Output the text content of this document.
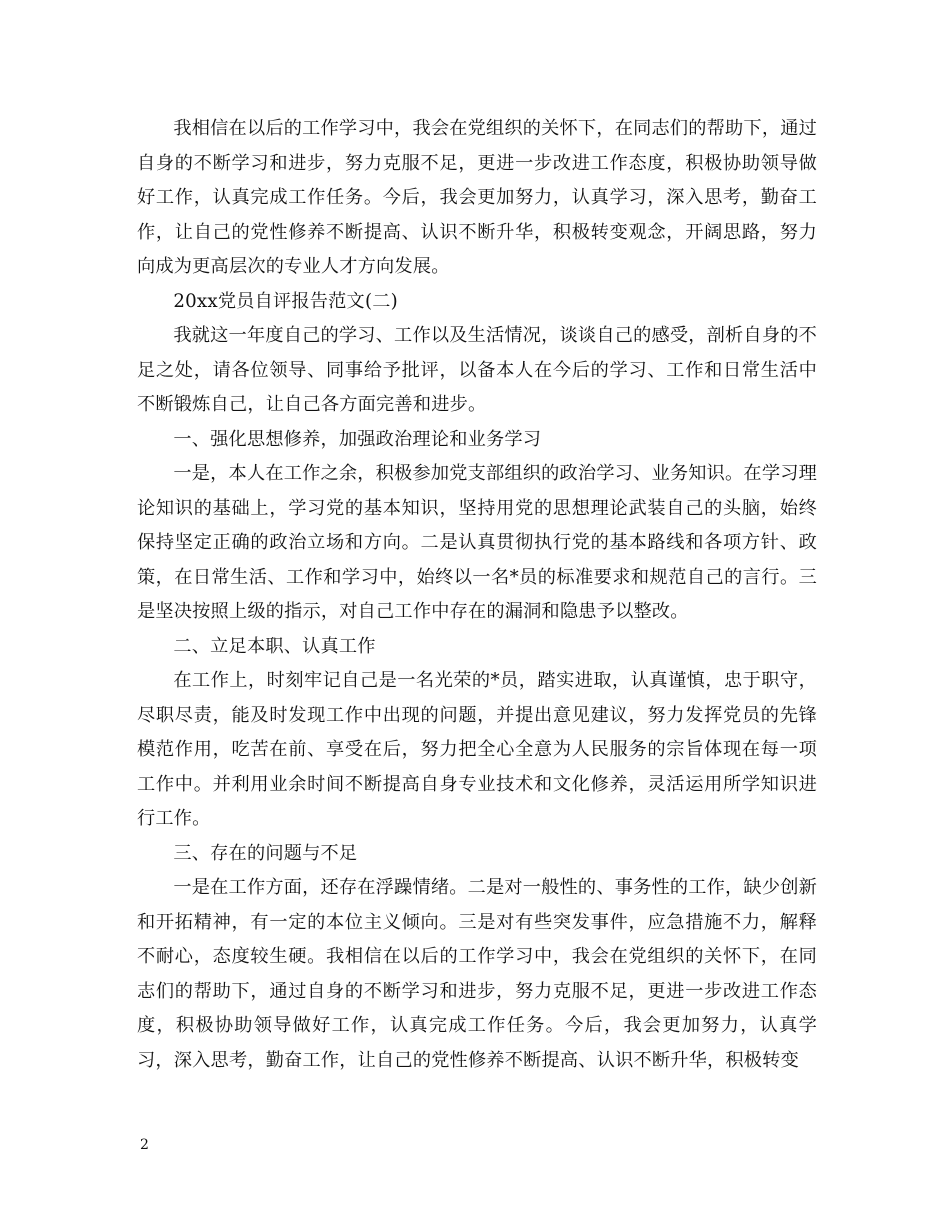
我相信在以后的工作学习中，我会在党组织的关怀下，在同志们的帮助下，通过自身的不断学习和进步，努力克服不足，更进一步改进工作态度，积极协助领导做好工作，认真完成工作任务。今后，我会更加努力，认真学习，深入思考，勤奋工作，让自己的党性修养不断提高、认识不断升华，积极转变观念，开阔思路，努力向成为更高层次的专业人才方向发展。

20xx党员自评报告范文(二)

我就这一年度自己的学习、工作以及生活情况，谈谈自己的感受，剖析自身的不足之处，请各位领导、同事给予批评，以备本人在今后的学习、工作和日常生活中不断锻炼自己，让自己各方面完善和进步。

一、强化思想修养，加强政治理论和业务学习

一是，本人在工作之余，积极参加党支部组织的政治学习、业务知识。在学习理论知识的基础上，学习党的基本知识，坚持用党的思想理论武装自己的头脑，始终保持坚定正确的政治立场和方向。二是认真贯彻执行党的基本路线和各项方针、政策，在日常生活、工作和学习中，始终以一名*员的标准要求和规范自己的言行。三是坚决按照上级的指示，对自己工作中存在的漏洞和隐患予以整改。

二、立足本职、认真工作

在工作上，时刻牢记自己是一名光荣的*员，踏实进取，认真谨慎，忠于职守，尽职尽责，能及时发现工作中出现的问题，并提出意见建议，努力发挥党员的先锋模范作用，吃苦在前、享受在后，努力把全心全意为人民服务的宗旨体现在每一项工作中。并利用业余时间不断提高自身专业技术和文化修养，灵活运用所学知识进行工作。

三、存在的问题与不足

一是在工作方面，还存在浮躁情绪。二是对一般性的、事务性的工作，缺少创新和开拓精神，有一定的本位主义倾向。三是对有些突发事件，应急措施不力，解释不耐心，态度较生硬。我相信在以后的工作学习中，我会在党组织的关怀下，在同志们的帮助下，通过自身的不断学习和进步，努力克服不足，更进一步改进工作态度，积极协助领导做好工作，认真完成工作任务。今后，我会更加努力，认真学习，深入思考，勤奋工作，让自己的党性修养不断提高、认识不断升华，积极转变

2
